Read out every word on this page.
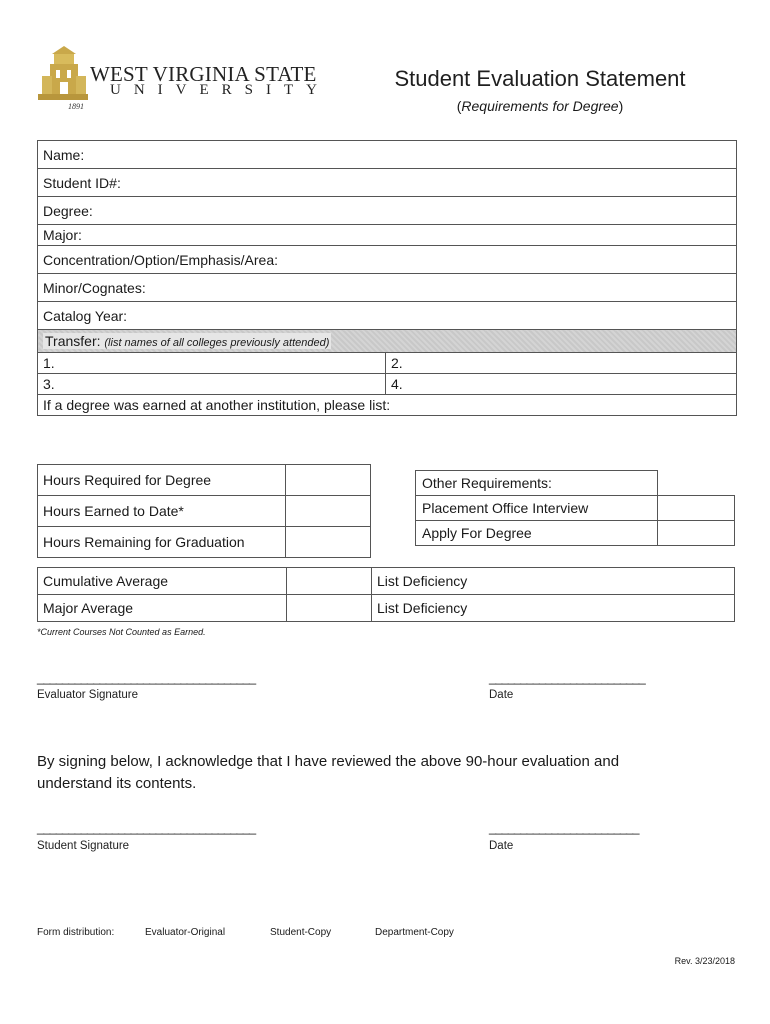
WEST VIRGINIA STATE
UNIVERSITY
1891
Student Evaluation Statement
(Requirements for Degree)
Name:	
Student ID#:	
Degree:	
Major:	
Concentration/Option/Emphasis/Area:	
Minor/Cognates:	
Catalog Year:	
Transfer: (list names of all colleges previously attended)	
1.	2.
3.	4.
If a degree was earned at another institution, please list:	
Hours Required for Degree	
Hours Earned to Date*	
Hours Remaining for Graduation	
Other Requirements:	
Placement Office Interview	
Apply For Degree	
Cumulative Average		List Deficiency
Major Average		List Deficiency
*Current Courses Not Counted as Earned.
___________________________________
Evaluator Signature
_________________________
Date
By signing below, I acknowledge that I have reviewed the above 90-hour evaluation and understand its contents.
___________________________________
Student Signature
________________________
Date
Form distribution:	Evaluator-Original	Student-Copy	Department-Copy
Rev. 3/23/2018
